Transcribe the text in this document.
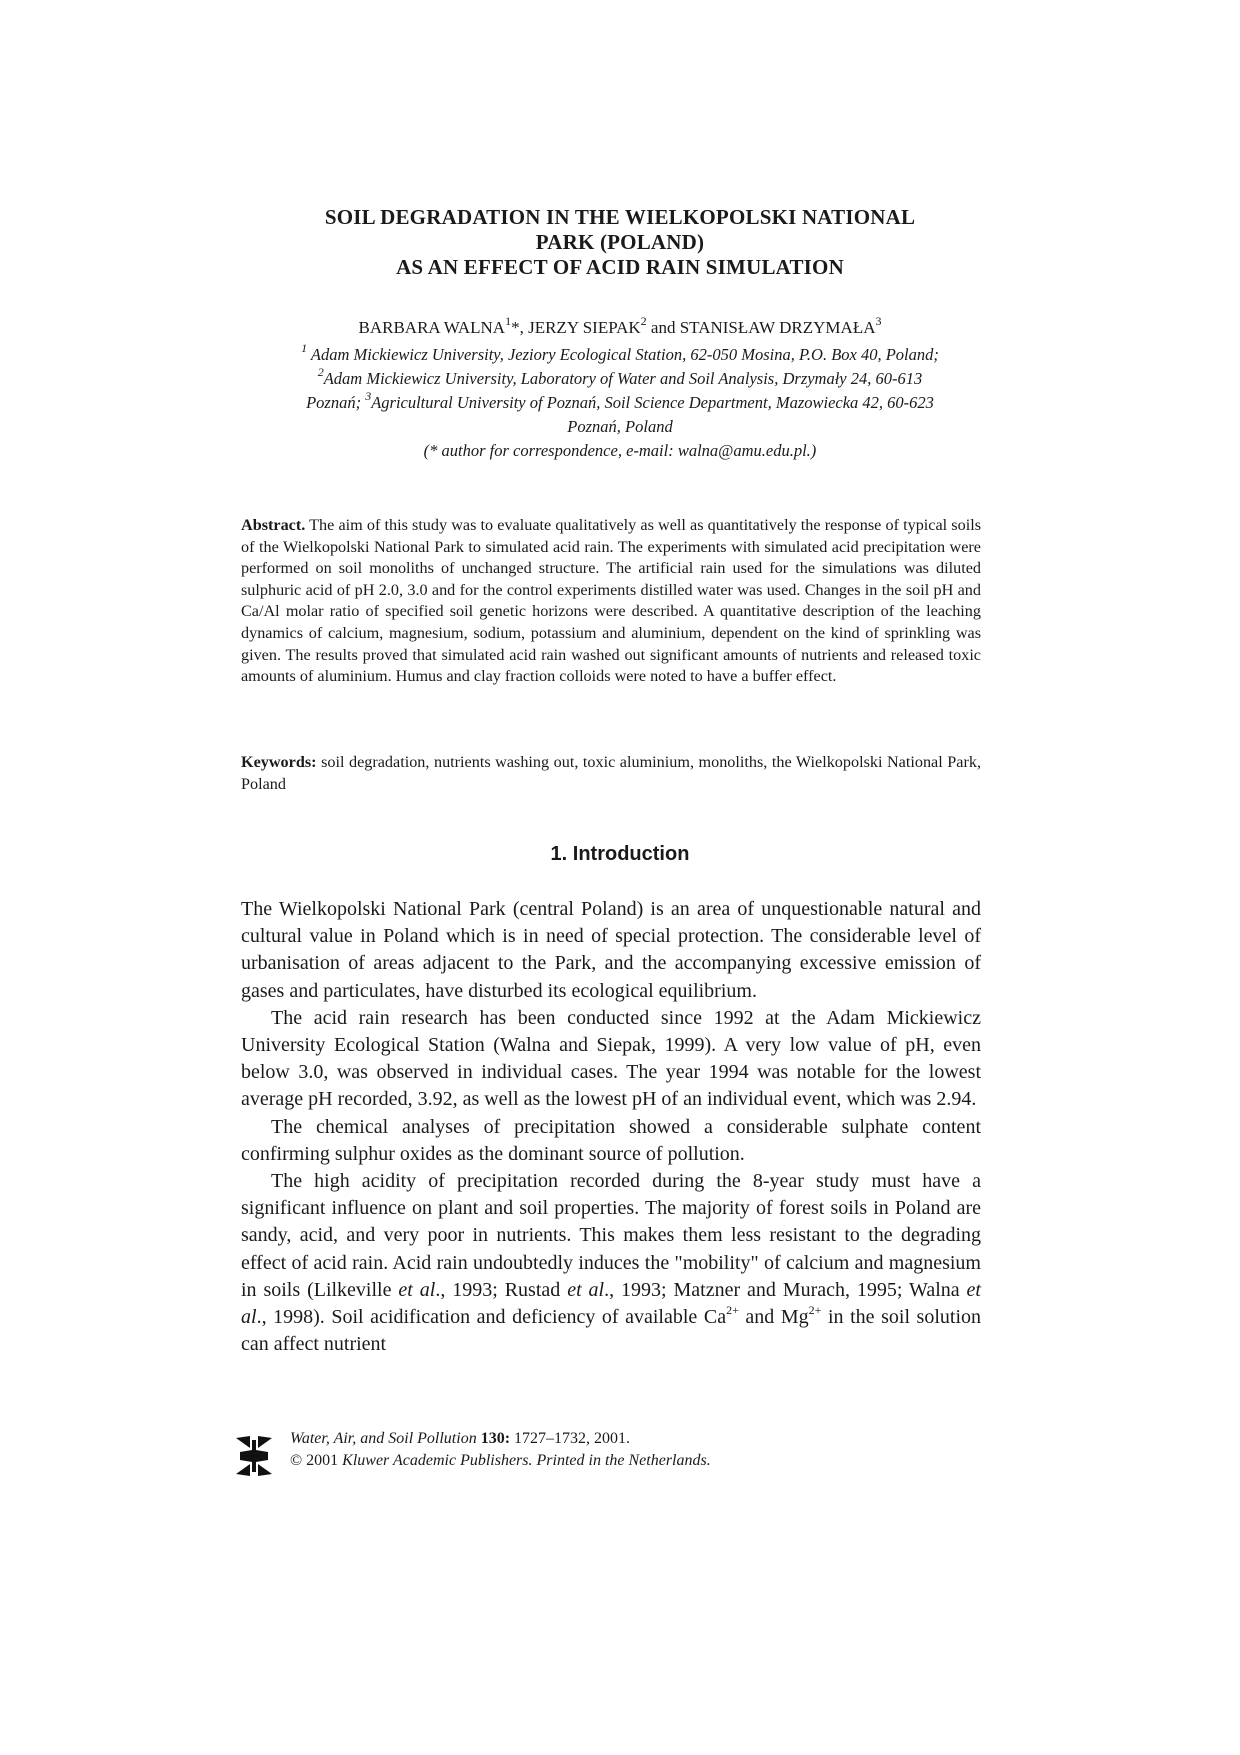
SOIL DEGRADATION IN THE WIELKOPOLSKI NATIONAL
PARK (POLAND)
AS AN EFFECT OF ACID RAIN SIMULATION
BARBARA WALNA$^1$*, JERZY SIEPAK$^2$ and STANISŁAW DRZYMAŁA$^3$
$^1$ Adam Mickiewicz University, Jeziory Ecological Station, 62-050 Mosina, P.O. Box 40, Poland;
$^2$Adam Mickiewicz University, Laboratory of Water and Soil Analysis, Drzymały 24, 60-613
Poznań; $^3$Agricultural University of Poznań, Soil Science Department, Mazowiecka 42, 60-623
Poznań, Poland
(* author for correspondence, e-mail: walna@amu.edu.pl.)
Abstract. The aim of this study was to evaluate qualitatively as well as quantitatively the response of typical soils of the Wielkopolski National Park to simulated acid rain. The experiments with simulated acid precipitation were performed on soil monoliths of unchanged structure. The artificial rain used for the simulations was diluted sulphuric acid of pH 2.0, 3.0 and for the control experiments distilled water was used. Changes in the soil pH and Ca/Al molar ratio of specified soil genetic horizons were described. A quantitative description of the leaching dynamics of calcium, magnesium, sodium, potassium and aluminium, dependent on the kind of sprinkling was given. The results proved that simulated acid rain washed out significant amounts of nutrients and released toxic amounts of aluminium. Humus and clay fraction colloids were noted to have a buffer effect.
Keywords: soil degradation, nutrients washing out, toxic aluminium, monoliths, the Wielkopolski National Park, Poland
1. Introduction

The Wielkopolski National Park (central Poland) is an area of unquestionable natural and cultural value in Poland which is in need of special protection. The considerable level of urbanisation of areas adjacent to the Park, and the accompanying excessive emission of gases and particulates, have disturbed its ecological equilibrium.

The acid rain research has been conducted since 1992 at the Adam Mickiewicz University Ecological Station (Walna and Siepak, 1999). A very low value of pH, even below 3.0, was observed in individual cases. The year 1994 was notable for the lowest average pH recorded, 3.92, as well as the lowest pH of an individual event, which was 2.94.

The chemical analyses of precipitation showed a considerable sulphate content confirming sulphur oxides as the dominant source of pollution.

The high acidity of precipitation recorded during the 8-year study must have a significant influence on plant and soil properties. The majority of forest soils in Poland are sandy, acid, and very poor in nutrients. This makes them less resistant to the degrading effect of acid rain. Acid rain undoubtedly induces the "mobility" of calcium and magnesium in soils (Lilkeville et al., 1993; Rustad et al., 1993; Matzner and Murach, 1995; Walna et al., 1998). Soil acidification and deficiency of available $Ca^{2+}$ and $Mg^{2+}$ in the soil solution can affect nutrient

Water, Air, and Soil Pollution 130: 1727–1732, 2001.
© 2001 Kluwer Academic Publishers. Printed in the Netherlands.
